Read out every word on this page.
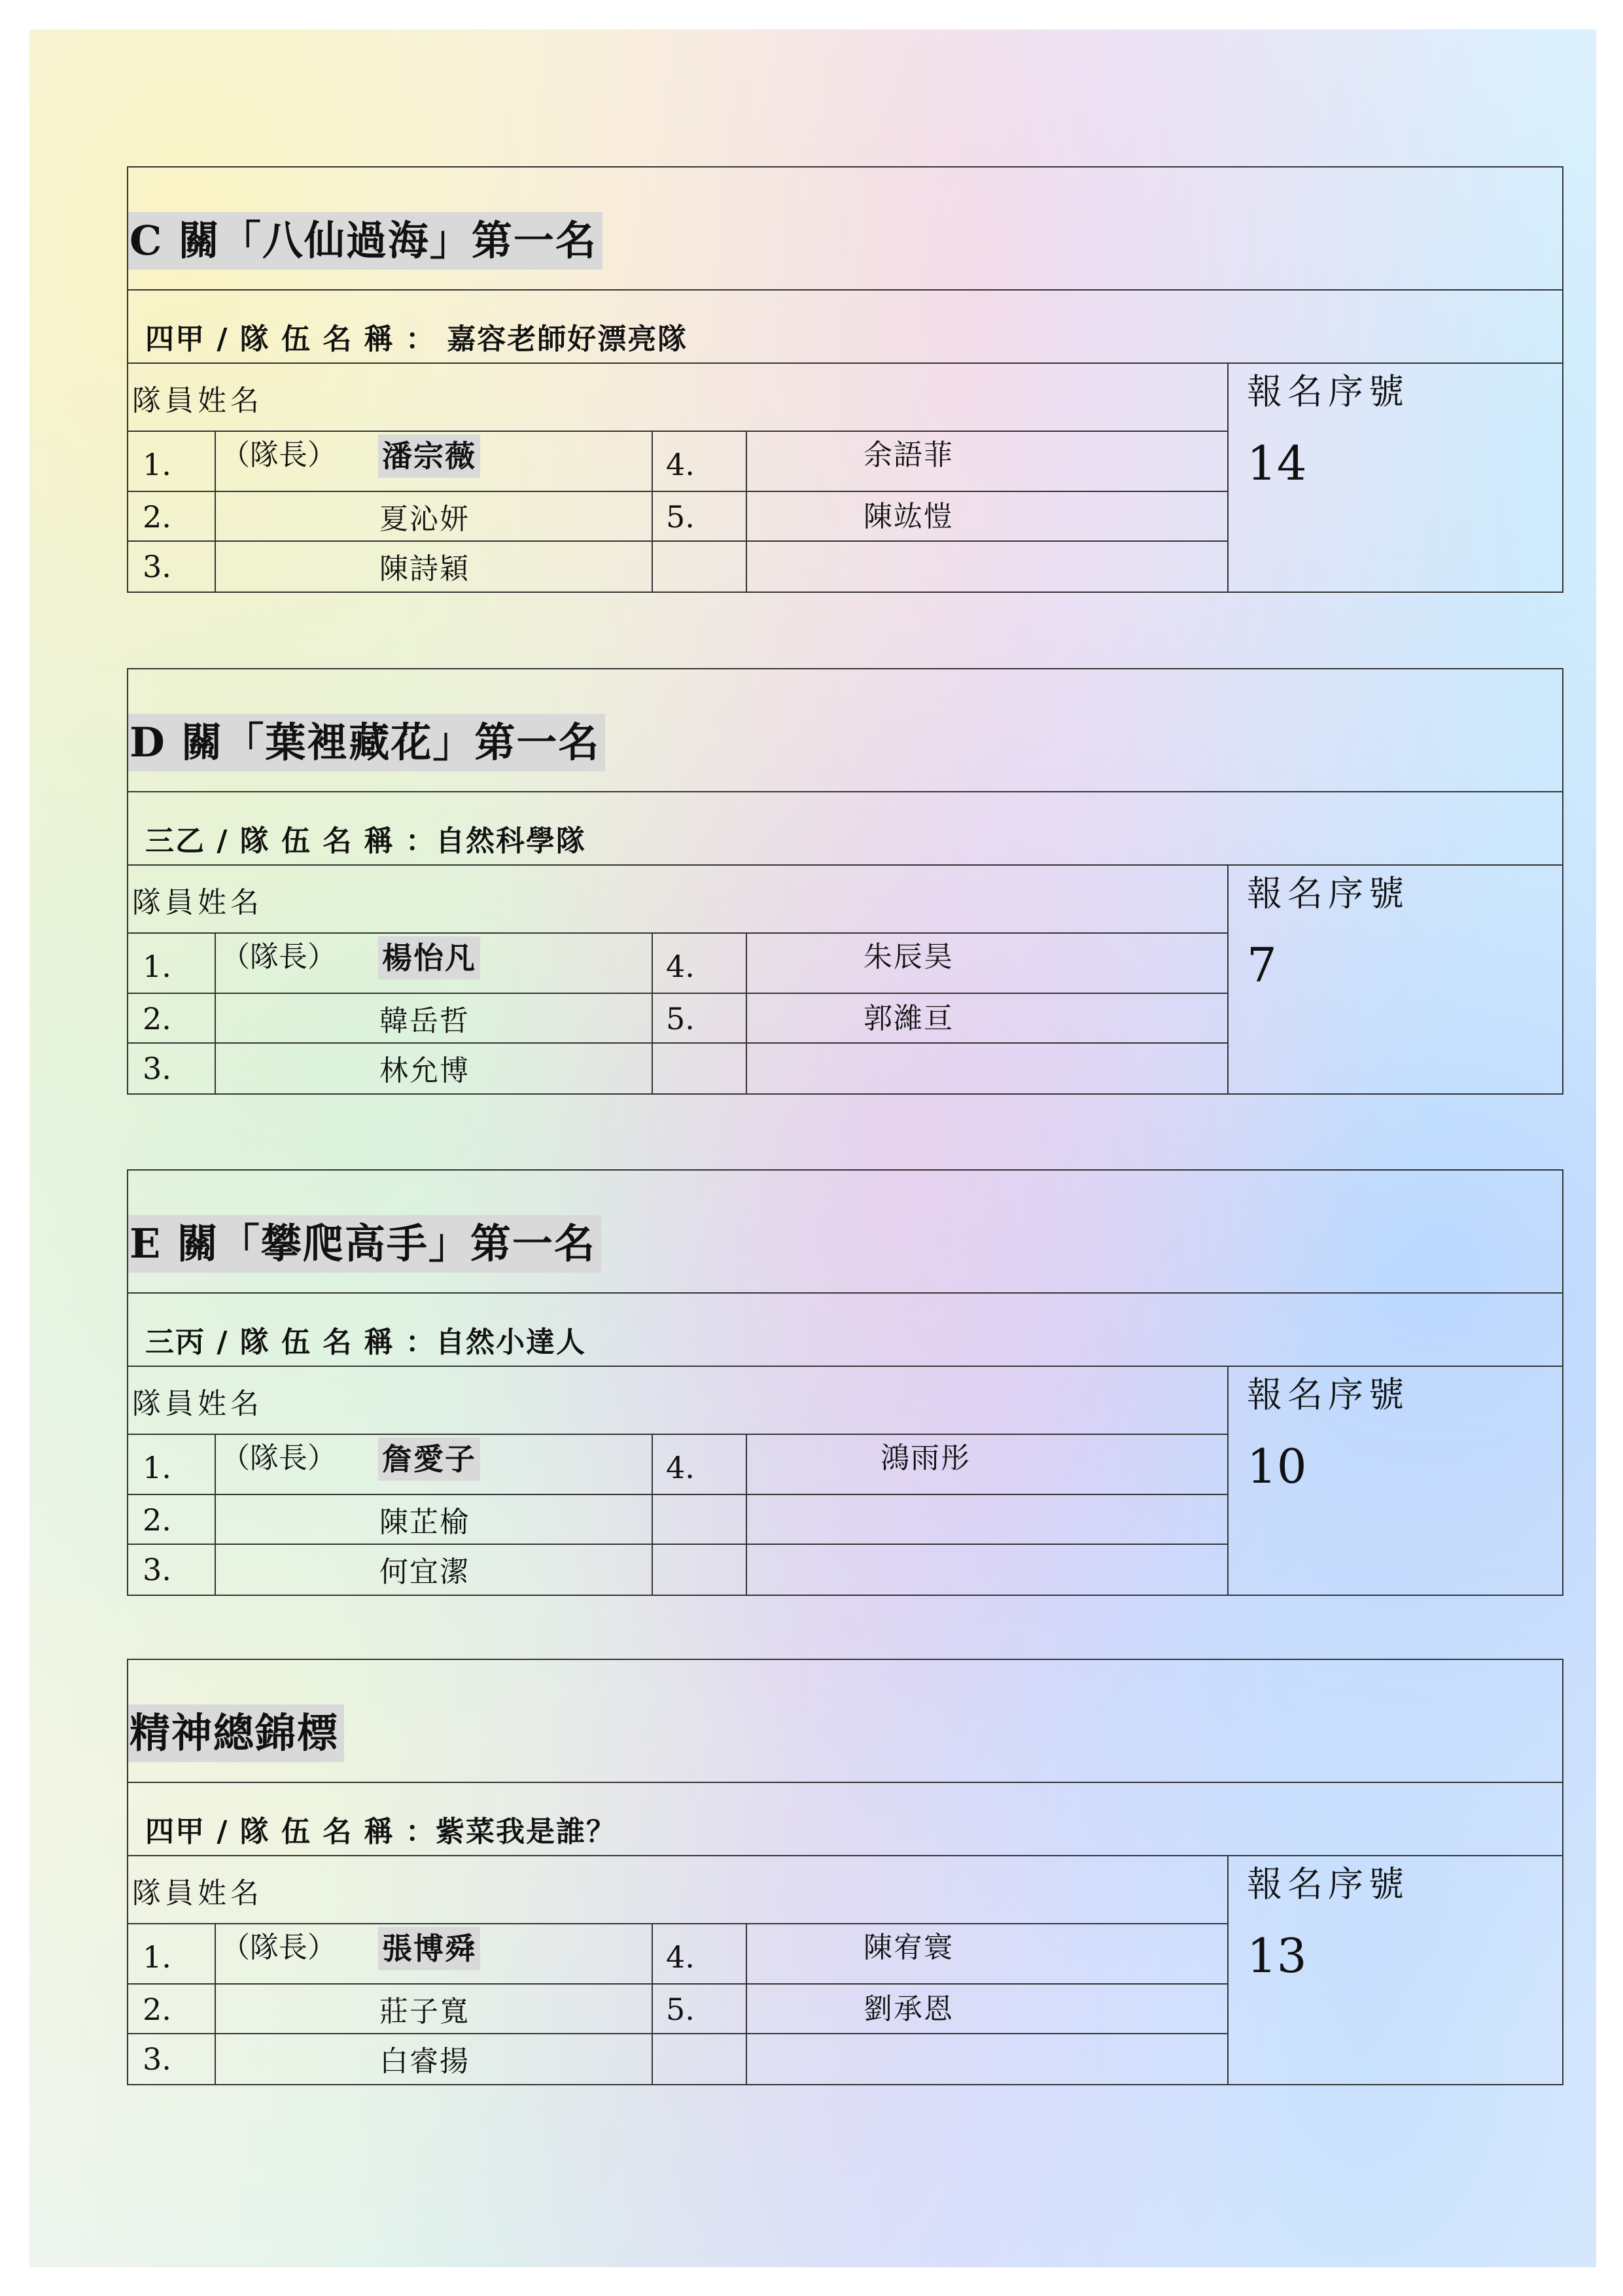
C 關「八仙過海」第一名
四甲 / 隊 伍 名 稱 ： 嘉容老師好漂亮隊
隊員姓名	報名序號
14
1. （隊長） 潘宗薇	4.	余語菲
2.	夏沁妍	5.	陳竑愷
3.	陳詩穎
D 關「葉裡藏花」第一名
三乙 / 隊 伍 名 稱 ：自然科學隊
隊員姓名	報名序號
7
1. （隊長） 楊怡凡	4.	朱辰昊
2.	韓岳哲	5.	郭濰亘
3.	林允博
E 關「攀爬高手」第一名
三丙 / 隊 伍 名 稱 ：自然小達人
隊員姓名	報名序號
10
1. （隊長） 詹愛子	4.	鴻雨彤
2.	陳芷榆
3.	何宜潔
精神總錦標
四甲 / 隊 伍 名 稱 ：紫菜我是誰？
隊員姓名	報名序號
13
1. （隊長） 張博舜	4.	陳宥寰
2.	莊子寬	5.	劉承恩
3.	白睿揚
